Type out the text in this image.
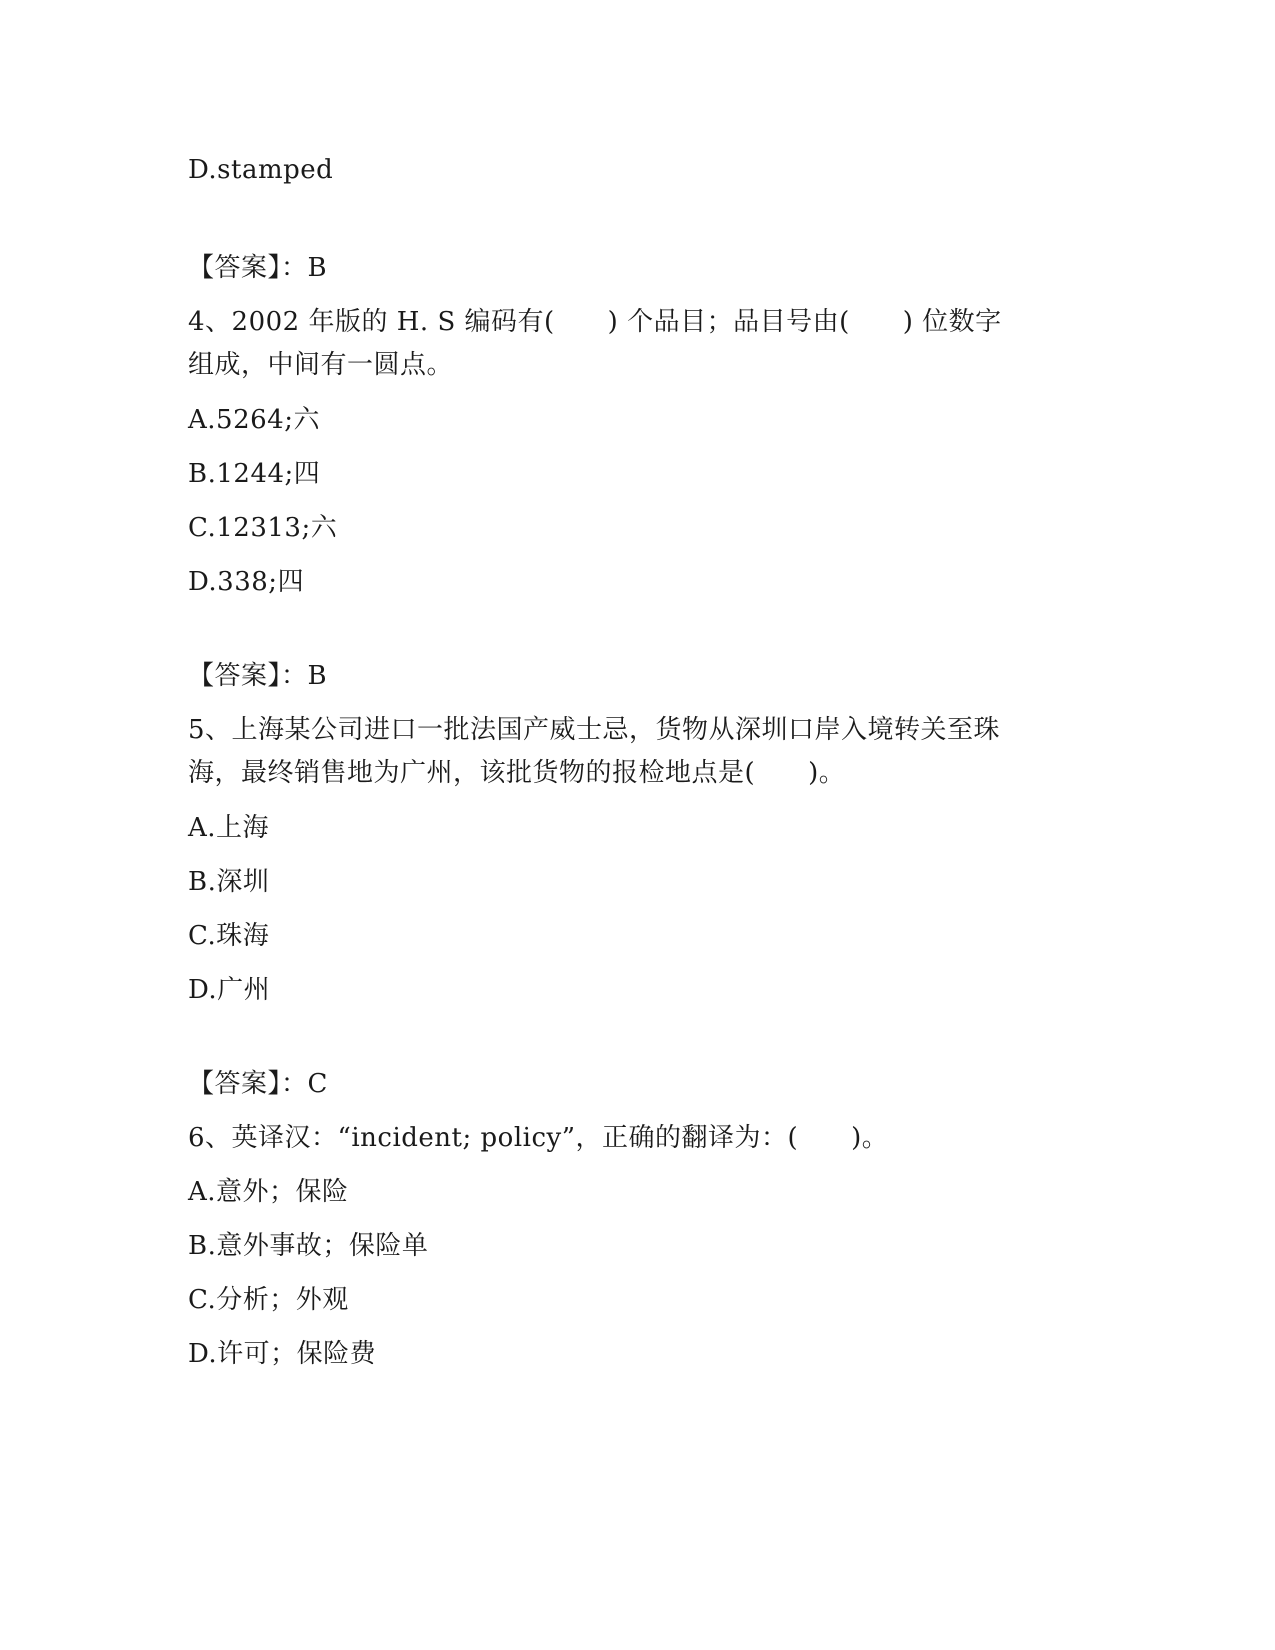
D.stamped
【答案】：B
4、2002 年版的 H. S 编码有(　　) 个品目；品目号由(　　) 位数字
组成，中间有一圆点。
A.5264;六
B.1244;四
C.12313;六
D.338;四
【答案】：B
5、上海某公司进口一批法国产威士忌，货物从深圳口岸入境转关至珠
海，最终销售地为广州，该批货物的报检地点是(　　)。
A.上海
B.深圳
C.珠海
D.广州
【答案】：C
6、英译汉：“incident; policy”，正确的翻译为：(　　)。
A.意外；保险
B.意外事故；保险单
C.分析；外观
D.许可；保险费
